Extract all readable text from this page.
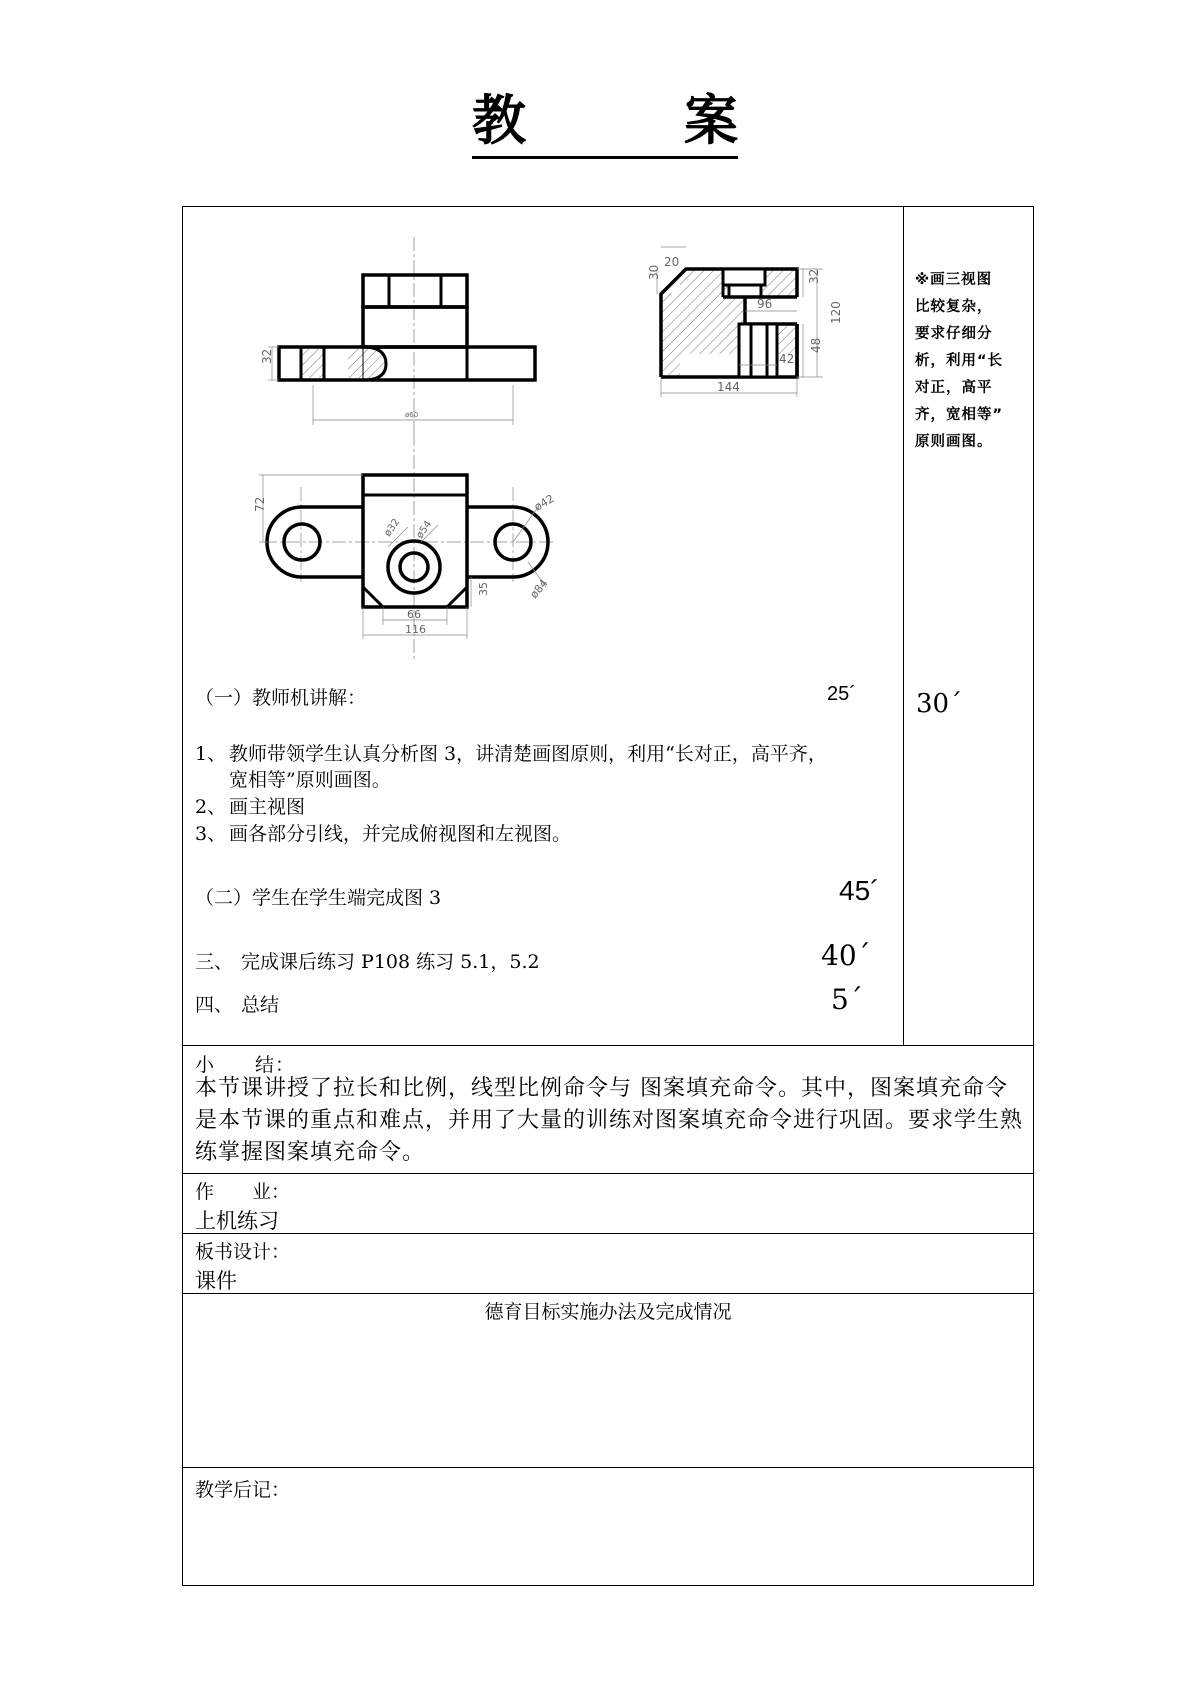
教	案
32
ø60
20
30	32
96	120
48
42
144
72	ø42
ø32 ø54
ø84
35
66
116
※画三视图
比较复杂，
要求仔细分
析，利用“长
对正，高平
齐，宽相等”
原则画图。
30´
（一）教师机讲解：	25´
1、 教师带领学生认真分析图 3，讲清楚画图原则，利用“长对正，高平齐，
宽相等”原则画图。
2、 画主视图
3、 画各部分引线，并完成俯视图和左视图。
（二）学生在学生端完成图 3	45´
三、 完成课后练习 P108 练习 5.1，5.2	40´
四、 总结	5´
小　　结：
本节课讲授了拉长和比例，线型比例命令与 图案填充命令。其中，图案填充命令是本节课的重点和难点，并用了大量的训练对图案填充命令进行巩固。要求学生熟练掌握图案填充命令。
作　　业：
上机练习
板书设计：
课件
德育目标实施办法及完成情况
教学后记：
